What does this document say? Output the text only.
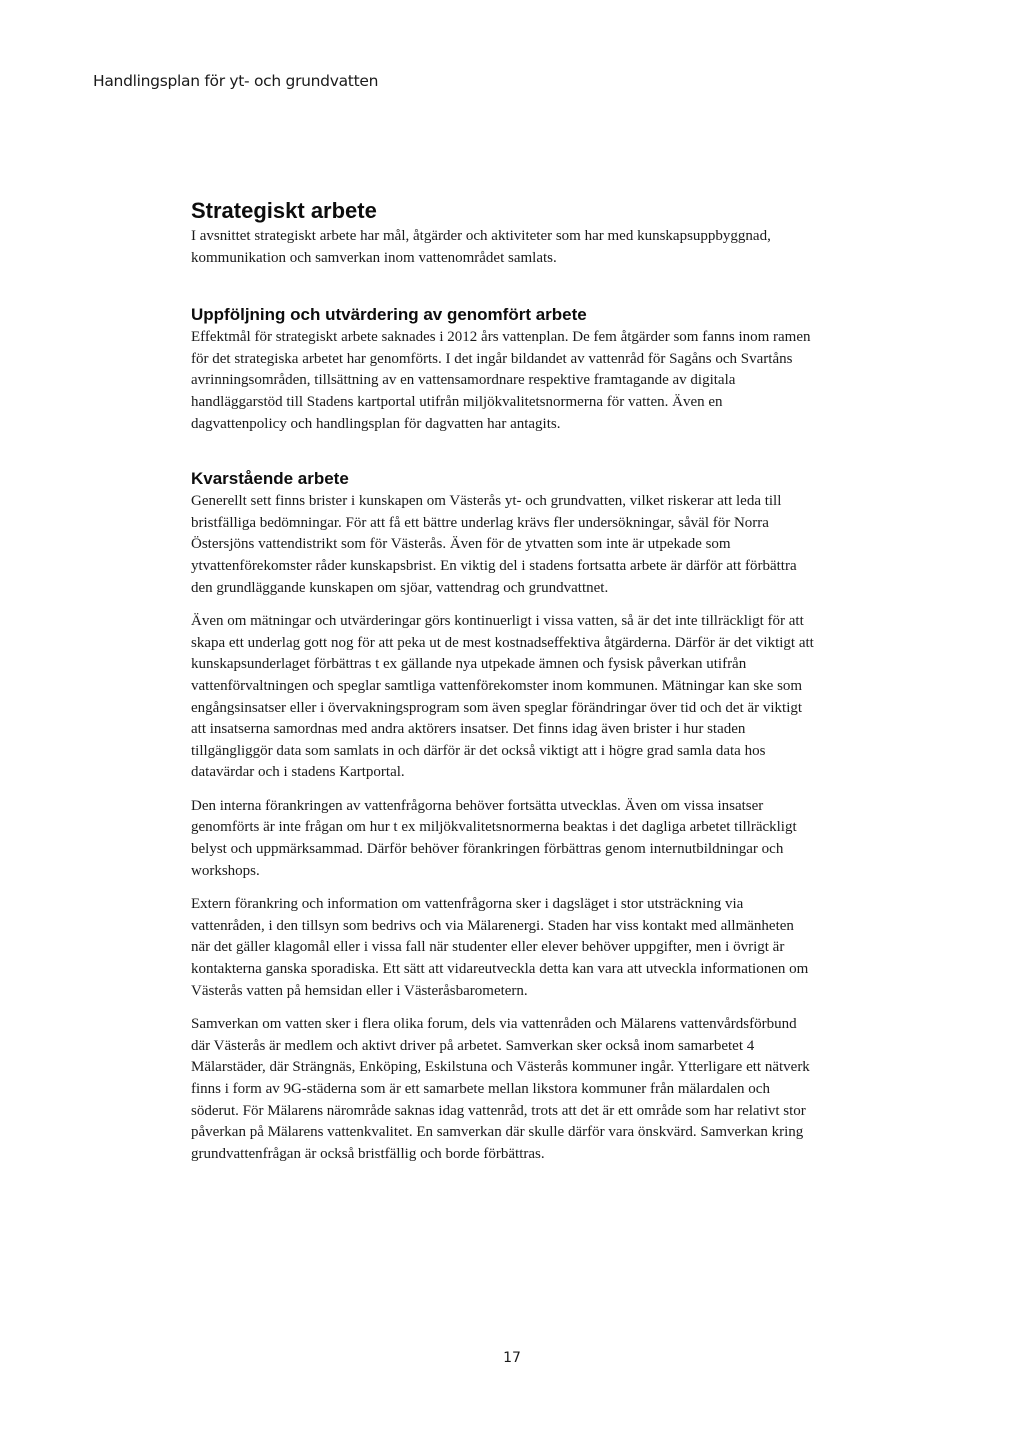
Handlingsplan för yt- och grundvatten
Strategiskt arbete

I avsnittet strategiskt arbete har mål, åtgärder och aktiviteter som har med kunskapsuppbyggnad, kommunikation och samverkan inom vattenområdet samlats.

Uppföljning och utvärdering av genomfört arbete

Effektmål för strategiskt arbete saknades i 2012 års vattenplan. De fem åtgärder som fanns inom ramen för det strategiska arbetet har genomförts. I det ingår bildandet av vattenråd för Sagåns och Svartåns avrinningsområden, tillsättning av en vattensamordnare respektive framtagande av digitala handläggarstöd till Stadens kartportal utifrån miljökvalitetsnormerna för vatten. Även en dagvattenpolicy och handlingsplan för dagvatten har antagits.

Kvarstående arbete

Generellt sett finns brister i kunskapen om Västerås yt- och grundvatten, vilket riskerar att leda till bristfälliga bedömningar. För att få ett bättre underlag krävs fler undersökningar, såväl för Norra Östersjöns vattendistrikt som för Västerås. Även för de ytvatten som inte är utpekade som ytvattenförekomster råder kunskapsbrist. En viktig del i stadens fortsatta arbete är därför att förbättra den grundläggande kunskapen om sjöar, vattendrag och grundvattnet.

Även om mätningar och utvärderingar görs kontinuerligt i vissa vatten, så är det inte tillräckligt för att skapa ett underlag gott nog för att peka ut de mest kostnadseffektiva åtgärderna. Därför är det viktigt att kunskapsunderlaget förbättras t ex gällande nya utpekade ämnen och fysisk påverkan utifrån vattenförvaltningen och speglar samtliga vattenförekomster inom kommunen. Mätningar kan ske som engångsinsatser eller i övervakningsprogram som även speglar förändringar över tid och det är viktigt att insatserna samordnas med andra aktörers insatser. Det finns idag även brister i hur staden tillgängliggör data som samlats in och därför är det också viktigt att i högre grad samla data hos datavärdar och i stadens Kartportal.

Den interna förankringen av vattenfrågorna behöver fortsätta utvecklas. Även om vissa insatser genomförts är inte frågan om hur t ex miljökvalitetsnormerna beaktas i det dagliga arbetet tillräckligt belyst och uppmärksammad. Därför behöver förankringen förbättras genom internutbildningar och workshops.

Extern förankring och information om vattenfrågorna sker i dagsläget i stor utsträckning via vattenråden, i den tillsyn som bedrivs och via Mälarenergi. Staden har viss kontakt med allmänheten när det gäller klagomål eller i vissa fall när studenter eller elever behöver uppgifter, men i övrigt är kontakterna ganska sporadiska. Ett sätt att vidareutveckla detta kan vara att utveckla informationen om Västerås vatten på hemsidan eller i Västeråsbarometern.

Samverkan om vatten sker i flera olika forum, dels via vattenråden och Mälarens vattenvårdsförbund där Västerås är medlem och aktivt driver på arbetet. Samverkan sker också inom samarbetet 4 Mälarstäder, där Strängnäs, Enköping, Eskilstuna och Västerås kommuner ingår. Ytterligare ett nätverk finns i form av 9G-städerna som är ett samarbete mellan likstora kommuner från mälardalen och söderut. För Mälarens närområde saknas idag vattenråd, trots att det är ett område som har relativt stor påverkan på Mälarens vattenkvalitet. En samverkan där skulle därför vara önskvärd. Samverkan kring grundvattenfrågan är också bristfällig och borde förbättras.

17
